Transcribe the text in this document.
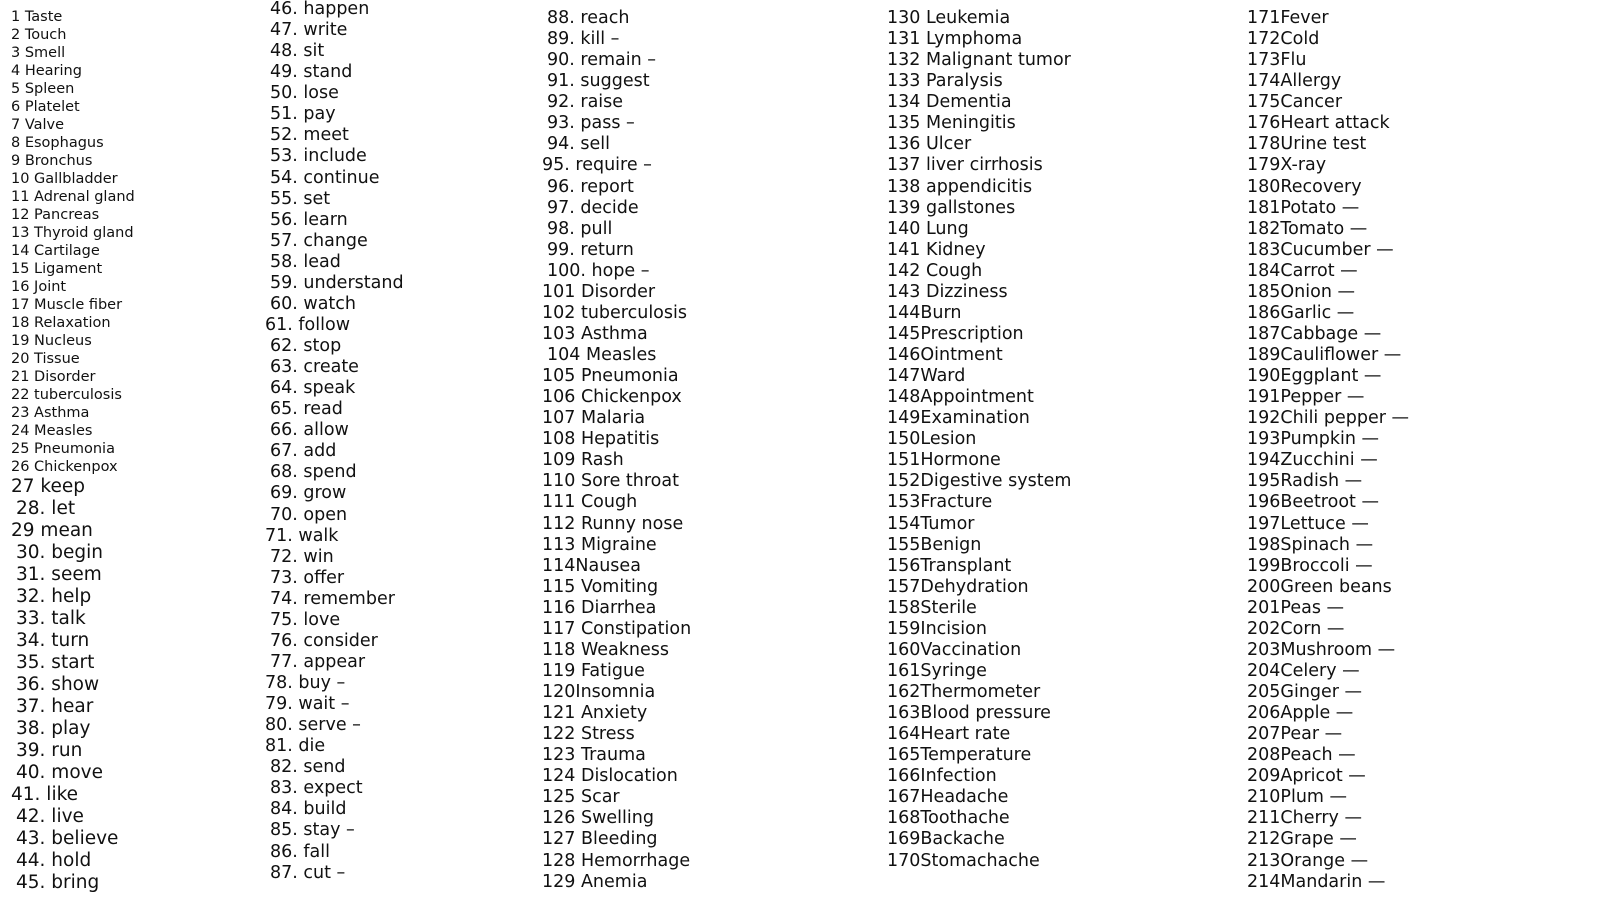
1 Taste
2 Touch
3 Smell
4 Hearing
5 Spleen
6 Platelet
7 Valve
8 Esophagus
9 Bronchus
10 Gallbladder
11 Adrenal gland
12 Pancreas
13 Thyroid gland
14 Cartilage
15 Ligament
16 Joint
17 Muscle fiber
18 Relaxation
19 Nucleus
20 Tissue
21 Disorder
22 tuberculosis
23 Asthma
24 Measles
25 Pneumonia
26 Chickenpox
27 keep
28. let
29 mean
30. begin
31. seem
32. help
33. talk
34. turn
35. start
36. show
37. hear
38. play
39. run
40. move
41. like
42. live
43. believe
44. hold
45. bring
46. happen
47. write
48. sit
49. stand
50. lose
51. pay
52. meet
53. include
54. continue
55. set
56. learn
57. change
58. lead
59. understand
60. watch
61. follow
62. stop
63. create
64. speak
65. read
66. allow
67. add
68. spend
69. grow
70. open
71. walk
72. win
73. offer
74. remember
75. love
76. consider
77. appear
78. buy –
79. wait –
80. serve –
81. die
82. send
83. expect
84. build
85. stay –
86. fall
87. cut –
88. reach
89. kill –
90. remain –
91. suggest
92. raise
93. pass –
94. sell
95. require –
96. report
97. decide
98. pull
99. return
100. hope –
101 Disorder
102 tuberculosis
103 Asthma
104 Measles
105 Pneumonia
106 Chickenpox
107 Malaria
108 Hepatitis
109 Rash
110 Sore throat
111 Cough
112 Runny nose
113 Migraine
114Nausea
115 Vomiting
116 Diarrhea
117 Constipation
118 Weakness
119 Fatigue
120Insomnia
121 Anxiety
122 Stress
123 Trauma
124 Dislocation
125 Scar
126 Swelling
127 Bleeding
128 Hemorrhage
129 Anemia
130 Leukemia
131 Lymphoma
132 Malignant tumor
133 Paralysis
134 Dementia
135 Meningitis
136 Ulcer
137 liver cirrhosis
138 appendicitis
139 gallstones
140 Lung
141 Kidney
142 Cough
143 Dizziness
144Burn
145Prescription
146Ointment
147Ward
148Appointment
149Examination
150Lesion
151Hormone
152Digestive system
153Fracture
154Tumor
155Benign
156Transplant
157Dehydration
158Sterile
159Incision
160Vaccination
161Syringe
162Thermometer
163Blood pressure
164Heart rate
165Temperature
166Infection
167Headache
168Toothache
169Backache
170Stomachache
171Fever
172Cold
173Flu
174Allergy
175Cancer
176Heart attack
178Urine test
179X-ray
180Recovery
181Potato —
182Tomato —
183Cucumber —
184Carrot —
185Onion —
186Garlic —
187Cabbage —
189Cauliflower —
190Eggplant —
191Pepper —
192Chili pepper —
193Pumpkin —
194Zucchini —
195Radish —
196Beetroot —
197Lettuce —
198Spinach —
199Broccoli —
200Green beans
201Peas —
202Corn —
203Mushroom —
204Celery —
205Ginger —
206Apple —
207Pear —
208Peach —
209Apricot —
210Plum —
211Cherry —
212Grape —
213Orange —
214Mandarin —
